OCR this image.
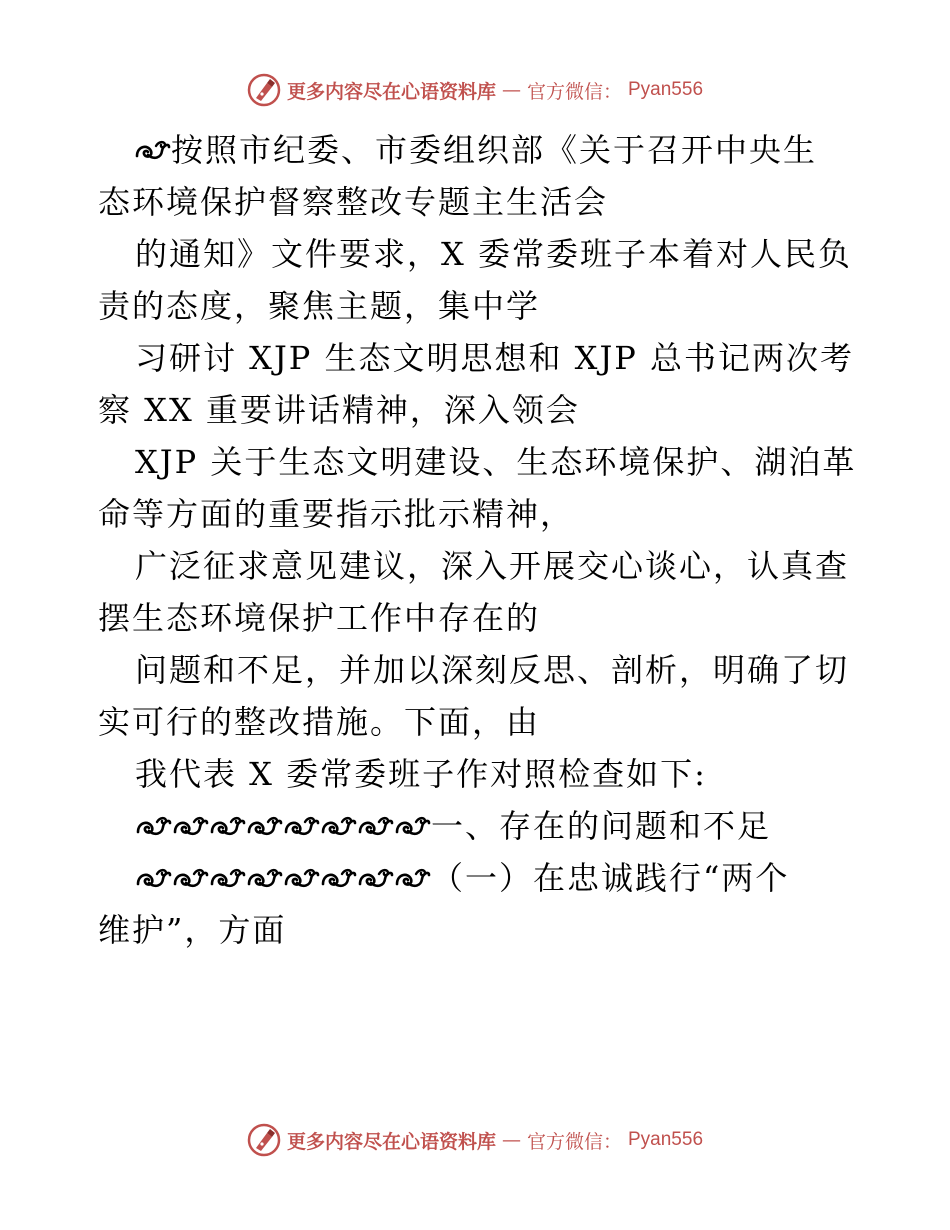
更多内容尽在心语资料库 — 官方微信： Pyan556
按照市纪委、市委组织部《关于召开中央生
态环境保护督察整改专题主生活会
的通知》文件要求，X 委常委班子本着对人民负
责的态度，聚焦主题，集中学
习研讨 XJP 生态文明思想和 XJP 总书记两次考
察 XX 重要讲话精神，深入领会
XJP 关于生态文明建设、生态环境保护、湖泊革
命等方面的重要指示批示精神，
广泛征求意见建议，深入开展交心谈心，认真查
摆生态环境保护工作中存在的
问题和不足，并加以深刻反思、剖析，明确了切
实可行的整改措施。下面，由
我代表 X 委常委班子作对照检查如下:
一、存在的问题和不足
（一）在忠诚践行“两个
维护”，方面
更多内容尽在心语资料库 — 官方微信： Pyan556
